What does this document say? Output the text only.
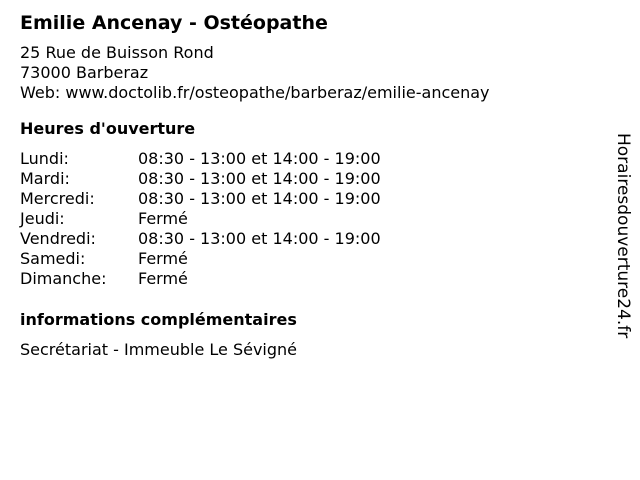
Emilie Ancenay - Ostéopathe
25 Rue de Buisson Rond
73000 Barberaz
Web: www.doctolib.fr/osteopathe/barberaz/emilie-ancenay
Heures d'ouverture
Lundi:	08:30 - 13:00 et 14:00 - 19:00
Mardi:	08:30 - 13:00 et 14:00 - 19:00
Mercredi:	08:30 - 13:00 et 14:00 - 19:00
Jeudi:	Fermé
Vendredi:	08:30 - 13:00 et 14:00 - 19:00
Samedi:	Fermé
Dimanche:	Fermé
informations complémentaires
Secrétariat - Immeuble Le Sévigné
Horairesdouverture24.fr
